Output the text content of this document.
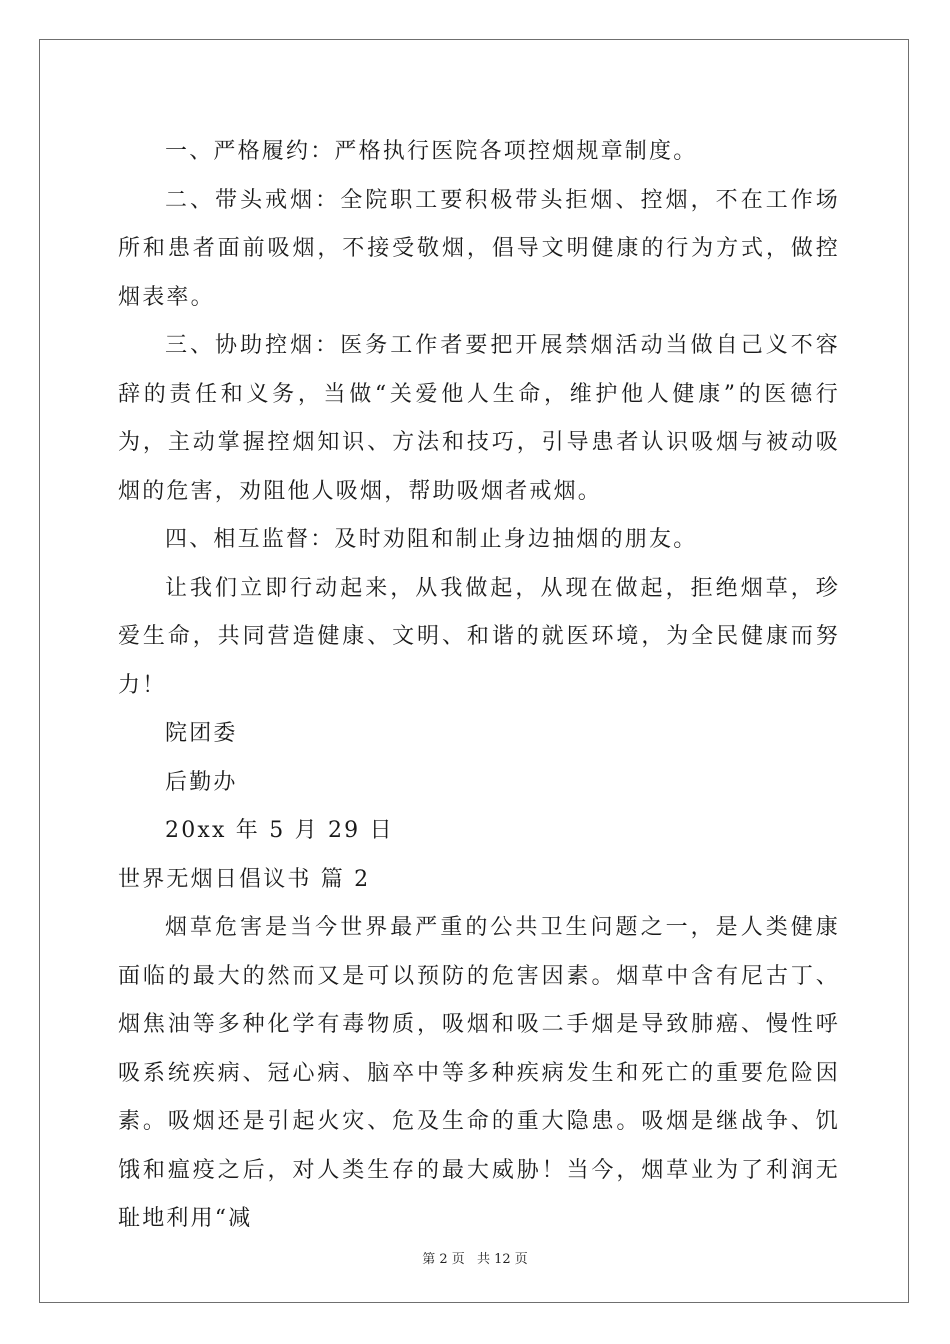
一、严格履约：严格执行医院各项控烟规章制度。

二、带头戒烟：全院职工要积极带头拒烟、控烟，不在工作场所和患者面前吸烟，不接受敬烟，倡导文明健康的行为方式，做控烟表率。

三、协助控烟：医务工作者要把开展禁烟活动当做自己义不容辞的责任和义务，当做“关爱他人生命，维护他人健康”的医德行为，主动掌握控烟知识、方法和技巧，引导患者认识吸烟与被动吸烟的危害，劝阻他人吸烟，帮助吸烟者戒烟。

四、相互监督：及时劝阻和制止身边抽烟的朋友。

让我们立即行动起来，从我做起，从现在做起，拒绝烟草，珍爱生命，共同营造健康、文明、和谐的就医环境，为全民健康而努力！

院团委

后勤办

20xx 年 5 月 29 日

世界无烟日倡议书 篇 2

烟草危害是当今世界最严重的公共卫生问题之一，是人类健康面临的最大的然而又是可以预防的危害因素。烟草中含有尼古丁、烟焦油等多种化学有毒物质，吸烟和吸二手烟是导致肺癌、慢性呼吸系统疾病、冠心病、脑卒中等多种疾病发生和死亡的重要危险因素。吸烟还是引起火灾、危及生命的重大隐患。吸烟是继战争、饥饿和瘟疫之后，对人类生存的最大威胁！当今，烟草业为了利润无耻地利用“减

第 2 页 共 12 页
